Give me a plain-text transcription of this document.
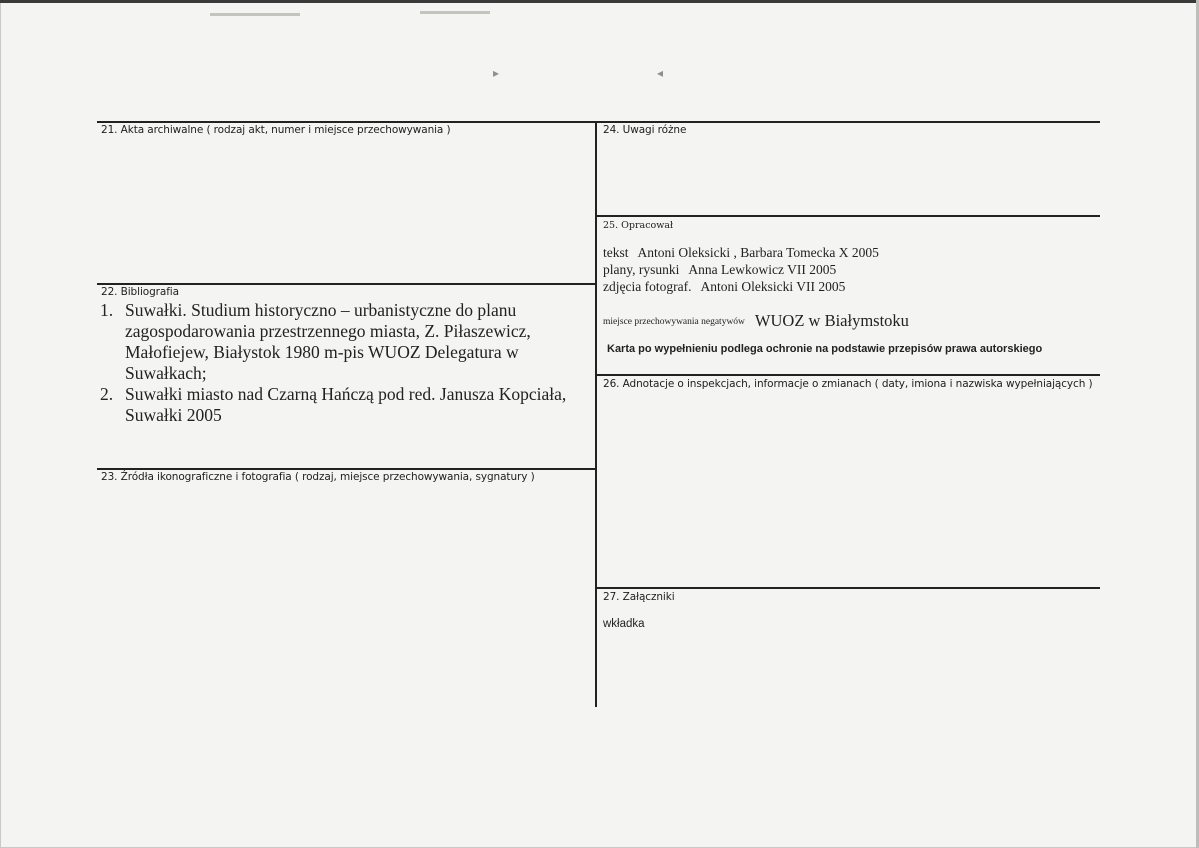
▸	◂
21. Akta archiwalne ( rodzaj akt, numer i miejsce przechowywania )
22. Bibliografia
1. Suwałki. Studium historyczno – urbanistyczne do planu zagospodarowania przestrzennego miasta, Z. Piłaszewicz, Małofiejew, Białystok 1980 m-pis WUOZ Delegatura w Suwałkach;
2. Suwałki miasto nad Czarną Hańczą pod red. Janusza Kopciała, Suwałki 2005
23. Źródła ikonograficzne i fotografia ( rodzaj, miejsce przechowywania, sygnatury )
24. Uwagi różne
25. Opracował
tekst Antoni Oleksicki , Barbara Tomecka X 2005
plany, rysunki Anna Lewkowicz VII 2005
zdjęcia fotograf. Antoni Oleksicki VII 2005
miejsce przechowywania negatywów WUOZ w Białymstoku
Karta po wypełnieniu podlega ochronie na podstawie przepisów prawa autorskiego
26. Adnotacje o inspekcjach, informacje o zmianach ( daty, imiona i nazwiska wypełniających )
27. Załączniki
wkładka
